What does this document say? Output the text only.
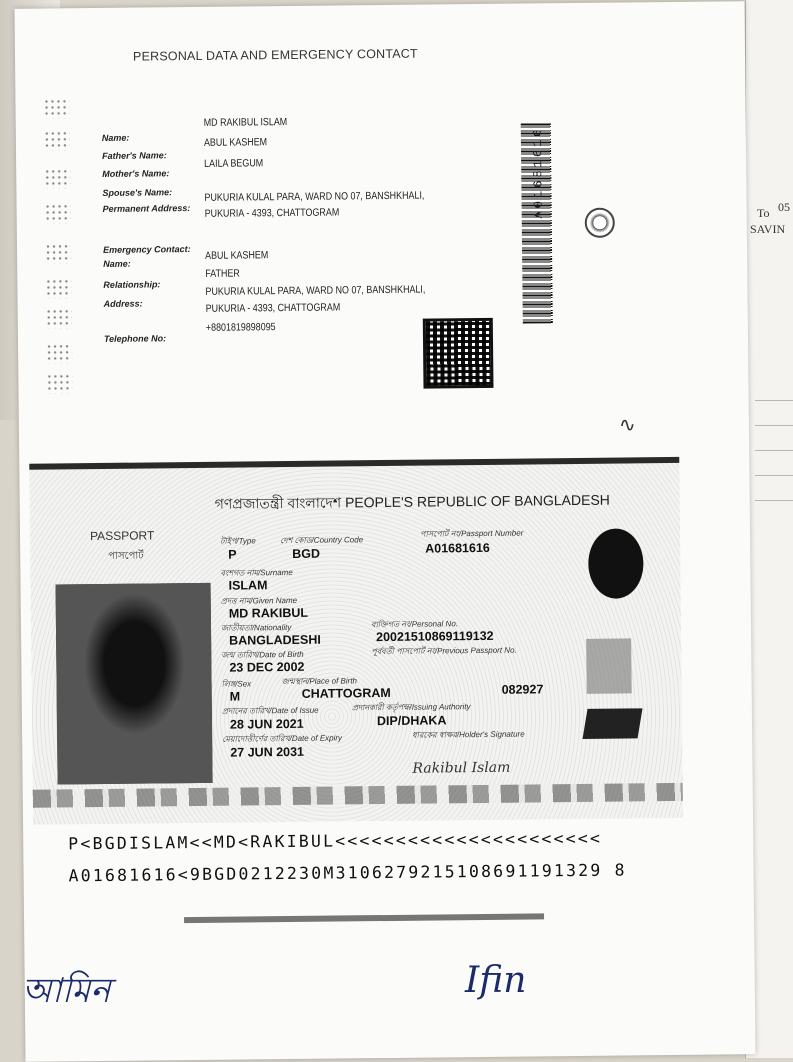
To 05
SAVIN
PERSONAL DATA AND EMERGENCY CONTACT
Name:
MD RAKIBUL ISLAM
Father's Name:
ABUL KASHEM
Mother's Name:
LAILA BEGUM
Spouse's Name:
Permanent Address:
PUKURIA KULAL PARA, WARD NO 07, BANSHKHALI,
PUKURIA - 4393, CHATTOGRAM
Emergency Contact:
Name:
ABUL KASHEM
Relationship:
FATHER
Address:
PUKURIA KULAL PARA, WARD NO 07, BANSHKHALI,
PUKURIA - 4393, CHATTOGRAM
Telephone No:
+8801819898095
A01681616
∿
গণপ্রজাতন্ত্রী বাংলাদেশ PEOPLE'S REPUBLIC OF BANGLADESH
PASSPORT
পাসপোর্ট
টাইপ/Type
P
দেশ কোড/Country Code
BGD
পাসপোর্ট নং/Passport Number
A01681616
বংশগত নাম/Surname
ISLAM
প্রদত্ত নাম/Given Name
MD RAKIBUL
জাতীয়তা/Nationality
BANGLADESHI
ব্যক্তিগত নং/Personal No.
20021510869119132
জন্ম তারিখ/Date of Birth
23 DEC 2002
পূর্ববর্তী পাসপোর্ট নং/Previous Passport No.
লিঙ্গ/Sex
M
জন্মস্থান/Place of Birth
CHATTOGRAM	082927
প্রদানের তারিখ/Date of Issue
28 JUN 2021
প্রদানকারী কর্তৃপক্ষ/Issuing Authority
DIP/DHAKA
মেয়াদোত্তীর্ণের তারিখ/Date of Expiry
27 JUN 2031
ধারকের স্বাক্ষর/Holder's Signature
Rakibul Islam
P<BGDISLAM<<MD<RAKIBUL<<<<<<<<<<<<<<<<<<<<<<
A01681616<9BGD0212230M3106279215108691191329 8
আমিন	Ifin
